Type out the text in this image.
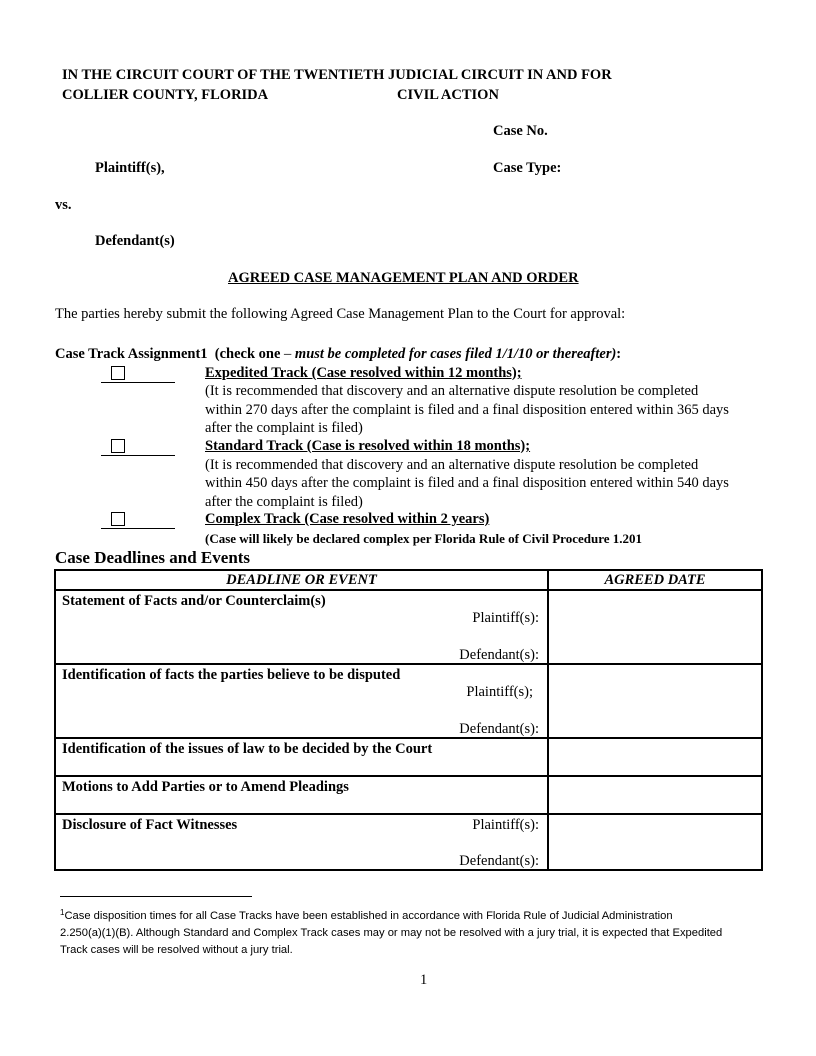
IN THE CIRCUIT COURT OF THE TWENTIETH JUDICIAL CIRCUIT IN AND FOR
COLLIER COUNTY, FLORIDA	CIVIL ACTION
Case No.
Case Type:
Plaintiff(s),
vs.
Defendant(s)
AGREED CASE MANAGEMENT PLAN AND ORDER
The parties hereby submit the following Agreed Case Management Plan to the Court for approval:
Case Track Assignment1 (check one – must be completed for cases filed 1/1/10 or thereafter):
Expedited Track (Case resolved within 12 months);
(It is recommended that discovery and an alternative dispute resolution be completed
within 270 days after the complaint is filed and a final disposition entered within 365 days
after the complaint is filed)
Standard Track (Case is resolved within 18 months);
(It is recommended that discovery and an alternative dispute resolution be completed
within 450 days after the complaint is filed and a final disposition entered within 540 days
after the complaint is filed)
Complex Track (Case resolved within 2 years)
(Case will likely be declared complex per Florida Rule of Civil Procedure 1.201
Case Deadlines and Events
DEADLINE OR EVENT	AGREED DATE

Statement of Facts and/or Counterclaim(s)
Plaintiff(s):
Defendant(s):	

Identification of facts the parties believe to be disputed
Plaintiff(s);
Defendant(s):	

Identification of the issues of law to be decided by the Court	

Motions to Add Parties or to Amend Pleadings	

Disclosure of Fact Witnesses Plaintiff(s):
Defendant(s):	

$^1$Case disposition times for all Case Tracks have been established in accordance with Florida Rule of Judicial Administration
2.250(a)(1)(B). Although Standard and Complex Track cases may or may not be resolved with a jury trial, it is expected that Expedited
Track cases will be resolved without a jury trial.
1
